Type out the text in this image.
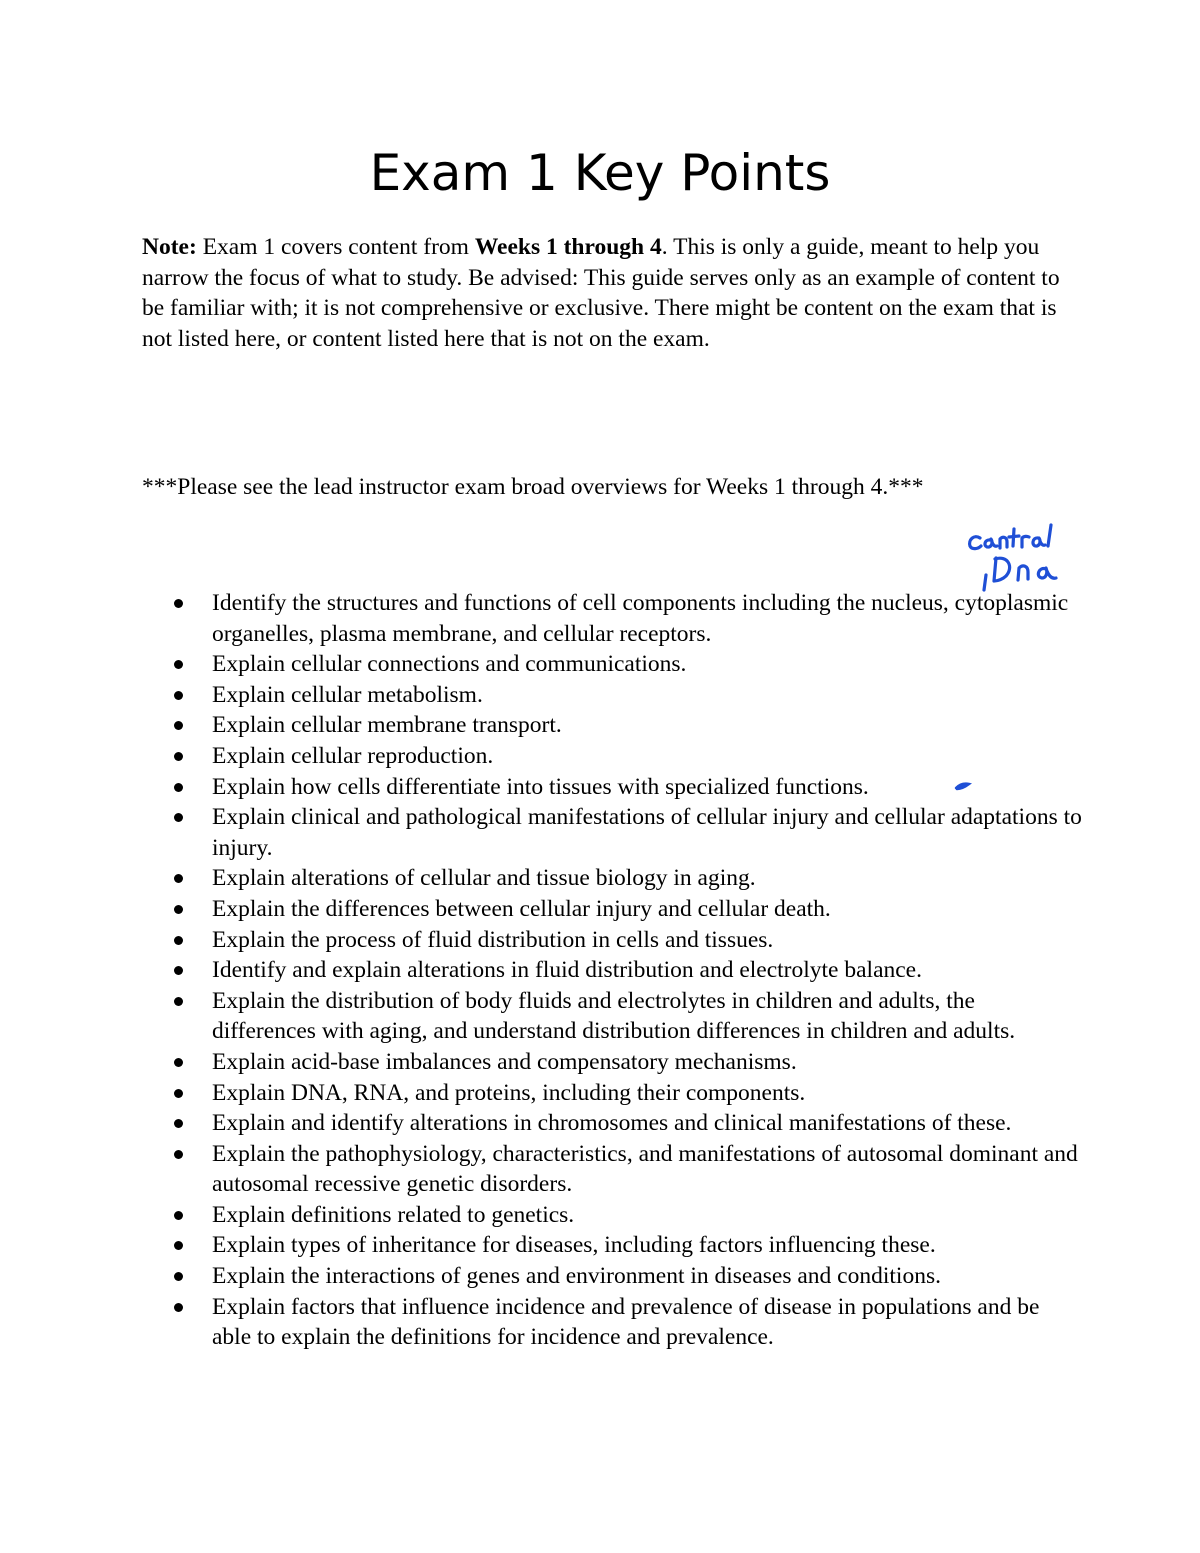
Exam 1 Key Points

Note: Exam 1 covers content from Weeks 1 through 4. This is only a guide, meant to help you narrow the focus of what to study. Be advised: This guide serves only as an example of content to be familiar with; it is not comprehensive or exclusive. There might be content on the exam that is not listed here, or content listed here that is not on the exam.

***Please see the lead instructor exam broad overviews for Weeks 1 through 4.***

Identify the structures and functions of cell components including the nucleus, cytoplasmic organelles, plasma membrane, and cellular receptors.
Explain cellular connections and communications.
Explain cellular metabolism.
Explain cellular membrane transport.
Explain cellular reproduction.
Explain how cells differentiate into tissues with specialized functions.
Explain clinical and pathological manifestations of cellular injury and cellular adaptations to injury.
Explain alterations of cellular and tissue biology in aging.
Explain the differences between cellular injury and cellular death.
Explain the process of fluid distribution in cells and tissues.
Identify and explain alterations in fluid distribution and electrolyte balance.
Explain the distribution of body fluids and electrolytes in children and adults, the differences with aging, and understand distribution differences in children and adults.
Explain acid-base imbalances and compensatory mechanisms.
Explain DNA, RNA, and proteins, including their components.
Explain and identify alterations in chromosomes and clinical manifestations of these.
Explain the pathophysiology, characteristics, and manifestations of autosomal dominant and autosomal recessive genetic disorders.
Explain definitions related to genetics.
Explain types of inheritance for diseases, including factors influencing these.
Explain the interactions of genes and environment in diseases and conditions.
Explain factors that influence incidence and prevalence of disease in populations and be able to explain the definitions for incidence and prevalence.
